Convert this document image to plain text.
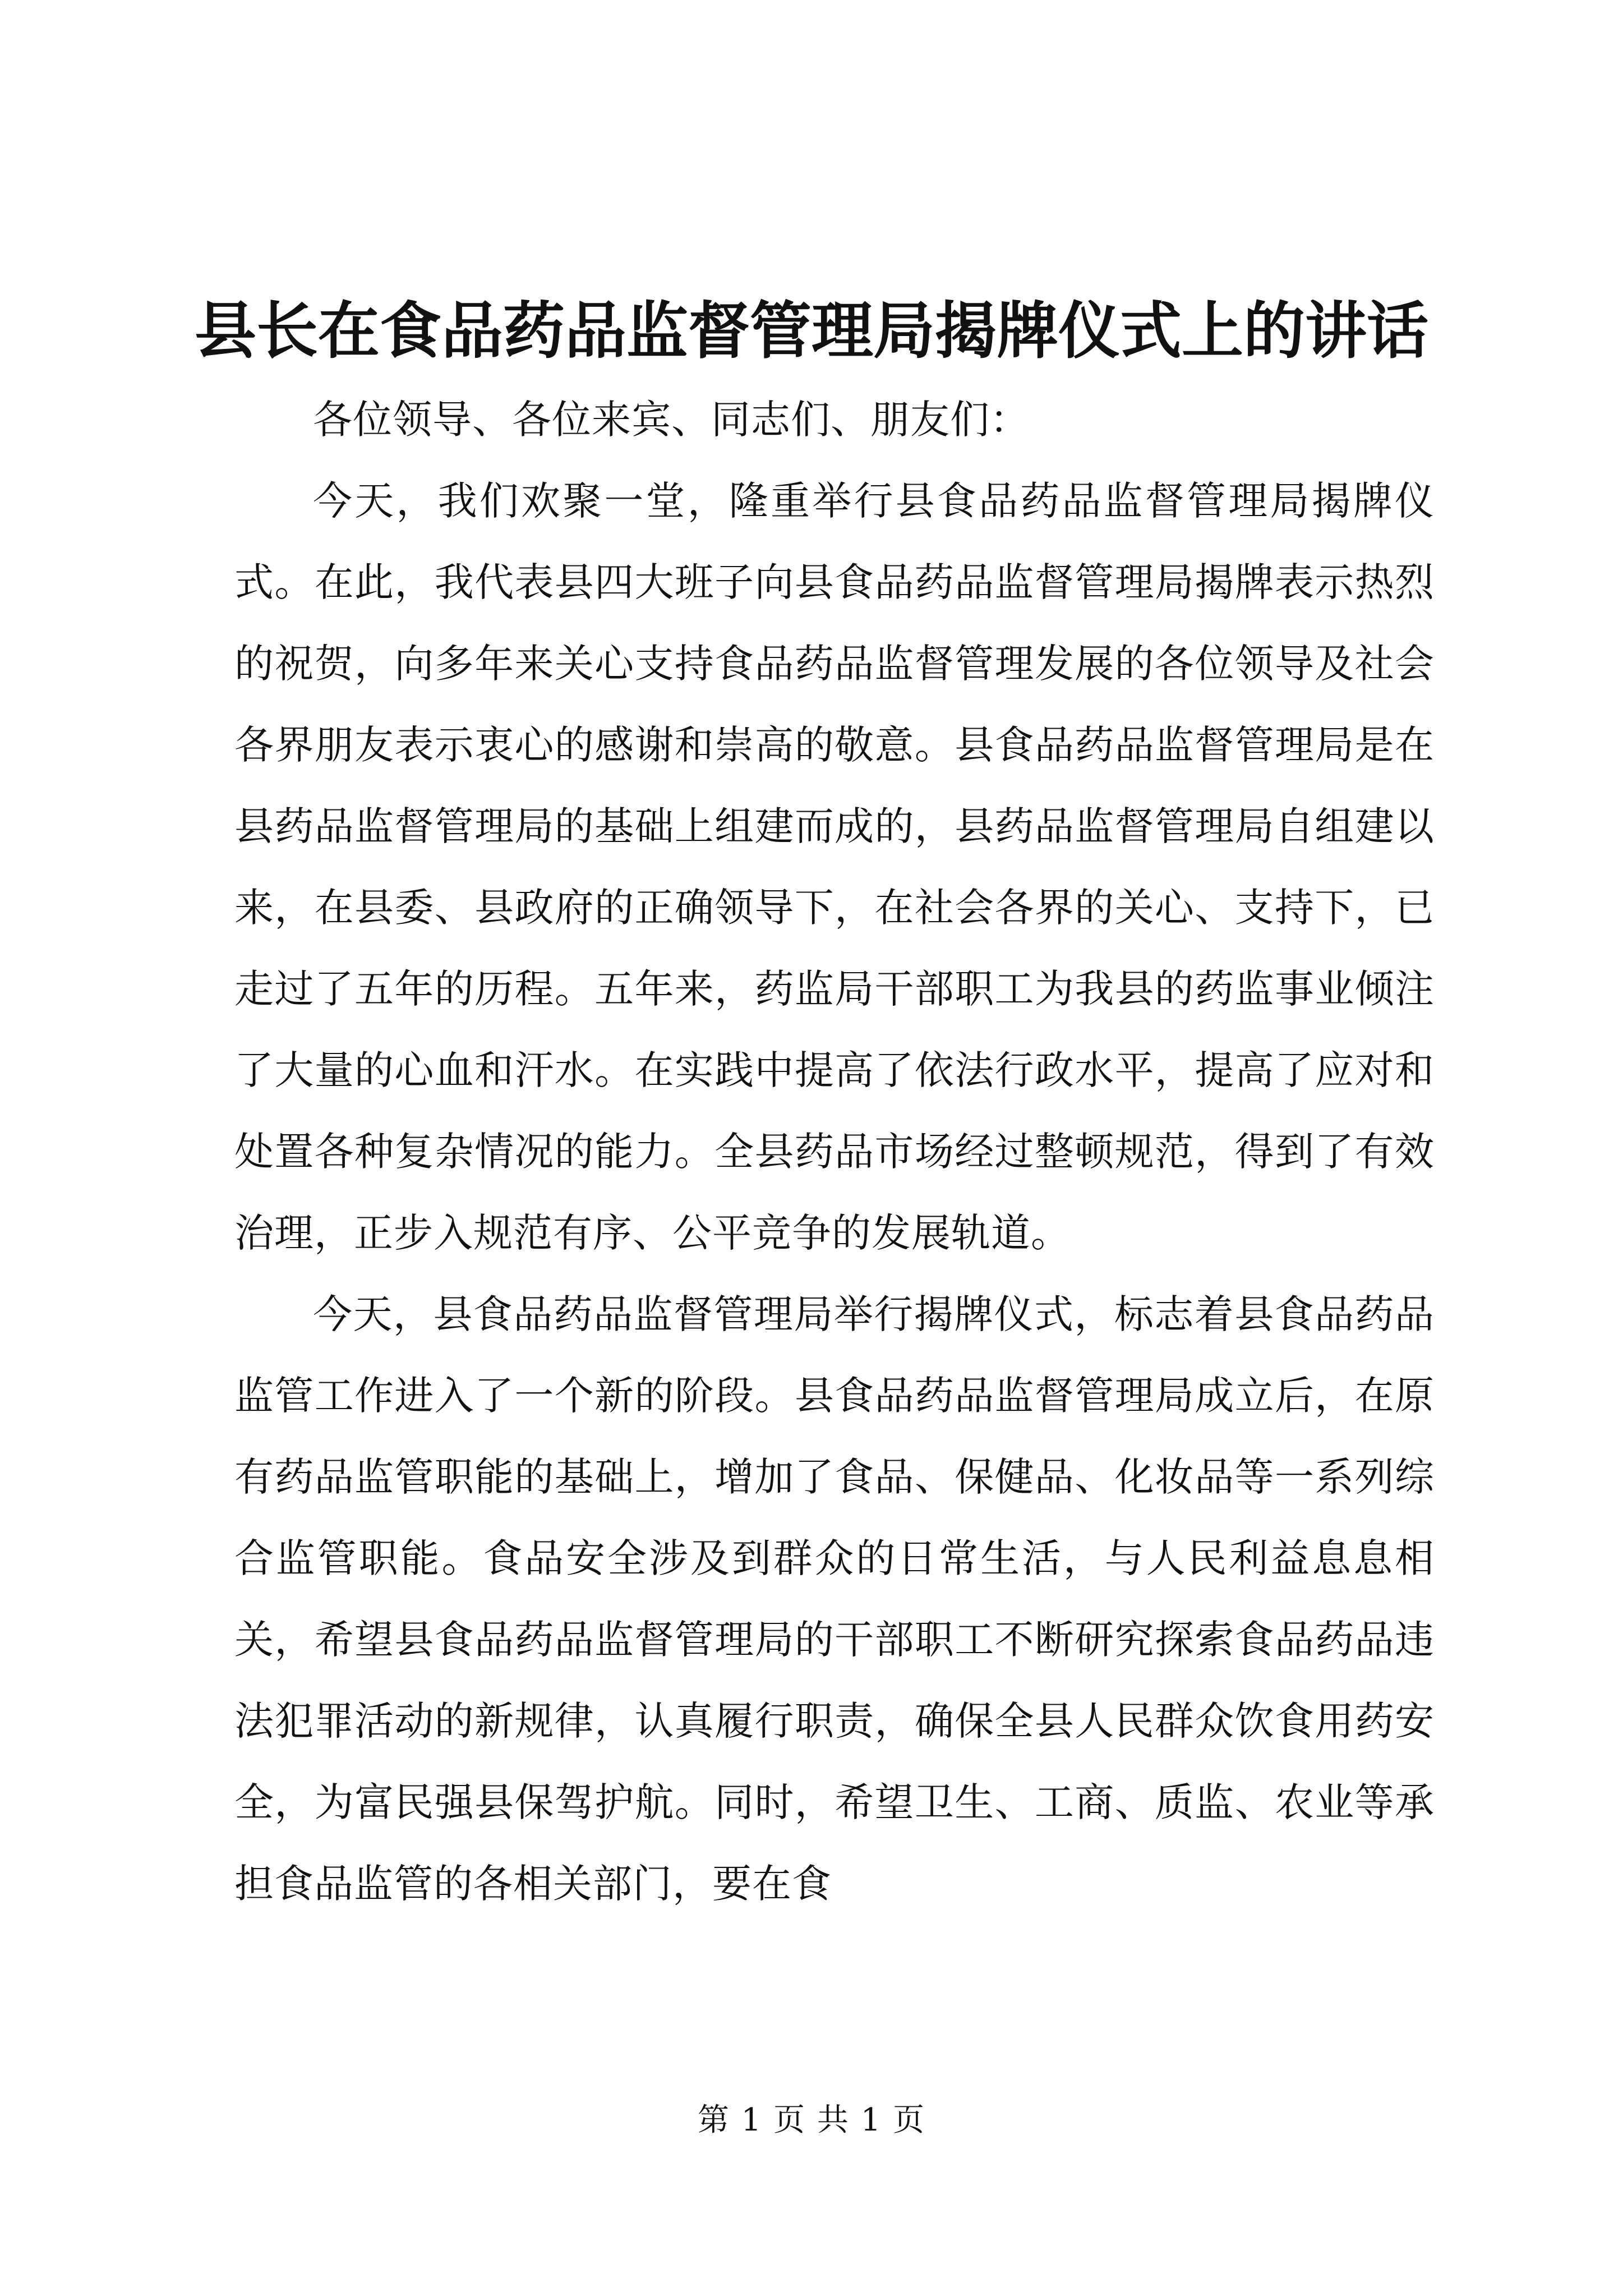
县长在食品药品监督管理局揭牌仪式上的讲话

各位领导、各位来宾、同志们、朋友们：

今天，我们欢聚一堂，隆重举行县食品药品监督管理局揭牌仪式。在此，我代表县四大班子向县食品药品监督管理局揭牌表示热烈的祝贺，向多年来关心支持食品药品监督管理发展的各位领导及社会各界朋友表示衷心的感谢和崇高的敬意。县食品药品监督管理局是在县药品监督管理局的基础上组建而成的，县药品监督管理局自组建以来，在县委、县政府的正确领导下，在社会各界的关心、支持下，已走过了五年的历程。五年来，药监局干部职工为我县的药监事业倾注了大量的心血和汗水。在实践中提高了依法行政水平，提高了应对和处置各种复杂情况的能力。全县药品市场经过整顿规范，得到了有效治理，正步入规范有序、公平竞争的发展轨道。

今天，县食品药品监督管理局举行揭牌仪式，标志着县食品药品监管工作进入了一个新的阶段。县食品药品监督管理局成立后，在原有药品监管职能的基础上，增加了食品、保健品、化妆品等一系列综合监管职能。食品安全涉及到群众的日常生活，与人民利益息息相关，希望县食品药品监督管理局的干部职工不断研究探索食品药品违法犯罪活动的新规律，认真履行职责，确保全县人民群众饮食用药安全，为富民强县保驾护航。同时，希望卫生、工商、质监、农业等承担食品监管的各相关部门，要在食

第 1 页 共 1 页
